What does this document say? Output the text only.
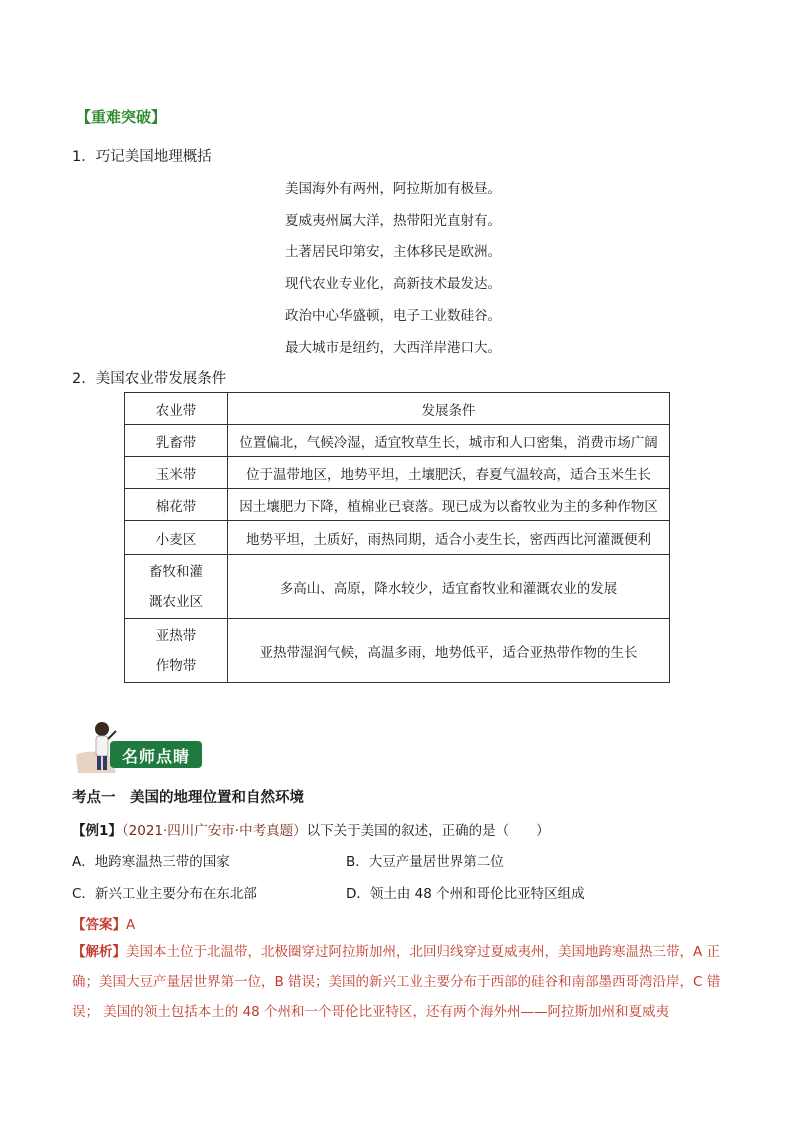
【重难突破】
1．巧记美国地理概括
美国海外有两州，阿拉斯加有极昼。
夏威夷州属大洋，热带阳光直射有。
土著居民印第安，主体移民是欧洲。
现代农业专业化，高新技术最发达。
政治中心华盛顿，电子工业数硅谷。
最大城市是纽约，大西洋岸港口大。
2．美国农业带发展条件
农业带	发展条件
乳畜带	位置偏北，气候冷湿，适宜牧草生长，城市和人口密集，消费市场广阔
玉米带	位于温带地区，地势平坦，土壤肥沃，春夏气温较高，适合玉米生长
棉花带	因土壤肥力下降，植棉业已衰落。现已成为以畜牧业为主的多种作物区
小麦区	地势平坦，土质好，雨热同期，适合小麦生长，密西西比河灌溉便利

畜牧和灌
溉农业区	多高山、高原，降水较少，适宜畜牧业和灌溉农业的发展

亚热带
作物带	亚热带湿润气候，高温多雨，地势低平，适合亚热带作物的生长
名师点睛
考点一　美国的地理位置和自然环境
【例1】（2021·四川广安市·中考真题）以下关于美国的叙述，正确的是（　　）
A．地跨寒温热三带的国家	B．大豆产量居世界第二位
C．新兴工业主要分布在东北部	D．领土由 48 个州和哥伦比亚特区组成
【答案】A
【解析】美国本土位于北温带，北极圈穿过阿拉斯加州，北回归线穿过夏威夷州，美国地跨寒温热三带，A 正确；美国大豆产量居世界第一位，B 错误；美国的新兴工业主要分布于西部的硅谷和南部墨西哥湾沿岸，C 错误； 美国的领土包括本土的 48 个州和一个哥伦比亚特区，还有两个海外州——阿拉斯加州和夏威夷
